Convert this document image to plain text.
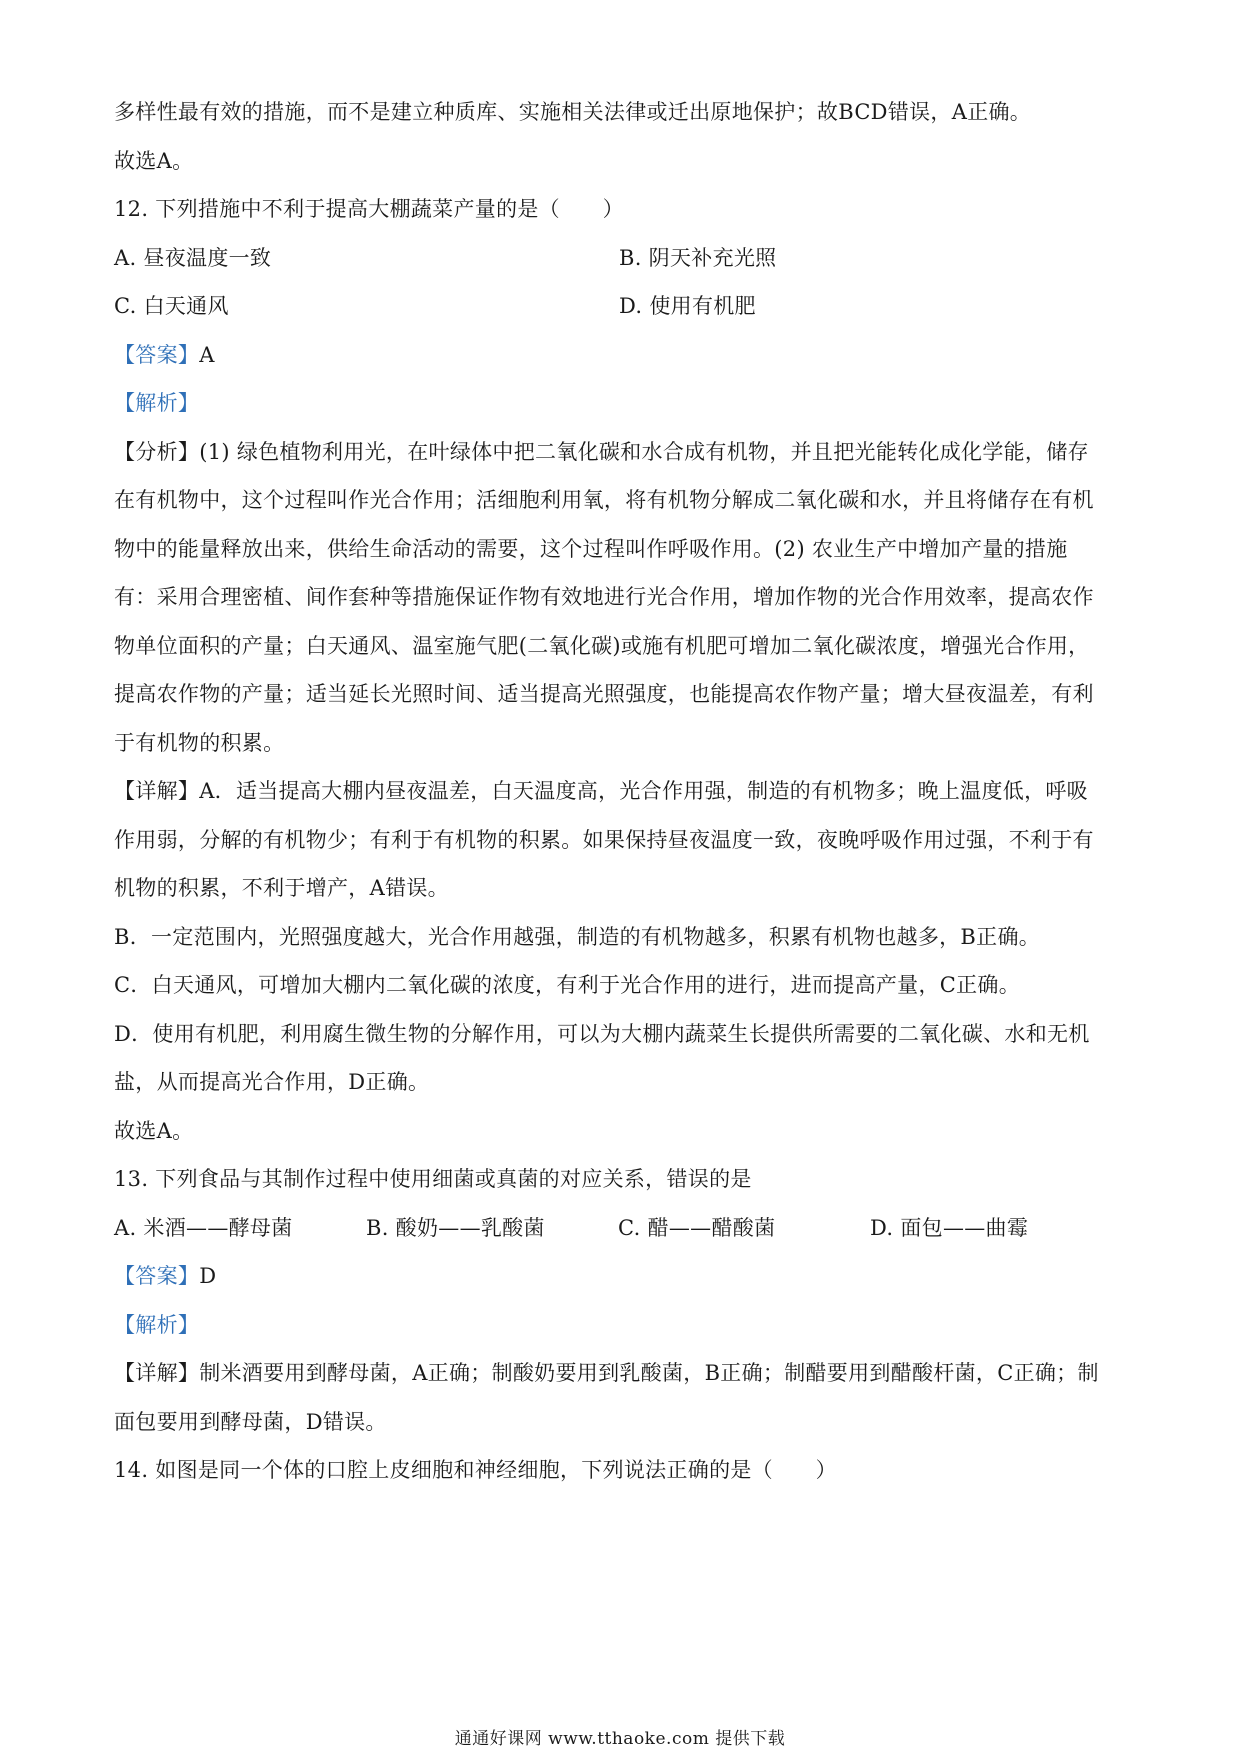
多样性最有效的措施，而不是建立种质库、实施相关法律或迁出原地保护；故BCD错误，A正确。
故选A。
12. 下列措施中不利于提高大棚蔬菜产量的是（　　）
A. 昼夜温度一致	B. 阴天补充光照
C. 白天通风	D. 使用有机肥
【答案】A
【解析】
【分析】(1) 绿色植物利用光，在叶绿体中把二氧化碳和水合成有机物，并且把光能转化成化学能，储存
在有机物中，这个过程叫作光合作用；活细胞利用氧，将有机物分解成二氧化碳和水，并且将储存在有机
物中的能量释放出来，供给生命活动的需要，这个过程叫作呼吸作用。(2) 农业生产中增加产量的措施
有：采用合理密植、间作套种等措施保证作物有效地进行光合作用，增加作物的光合作用效率，提高农作
物单位面积的产量；白天通风、温室施气肥(二氧化碳)或施有机肥可增加二氧化碳浓度，增强光合作用，
提高农作物的产量；适当延长光照时间、适当提高光照强度，也能提高农作物产量；增大昼夜温差，有利
于有机物的积累。
【详解】A．适当提高大棚内昼夜温差，白天温度高，光合作用强，制造的有机物多；晚上温度低，呼吸
作用弱，分解的有机物少；有利于有机物的积累。如果保持昼夜温度一致，夜晚呼吸作用过强，不利于有
机物的积累，不利于增产，A错误。
B．一定范围内，光照强度越大，光合作用越强，制造的有机物越多，积累有机物也越多，B正确。
C．白天通风，可增加大棚内二氧化碳的浓度，有利于光合作用的进行，进而提高产量，C正确。
D．使用有机肥，利用腐生微生物的分解作用，可以为大棚内蔬菜生长提供所需要的二氧化碳、水和无机
盐，从而提高光合作用，D正确。
故选A。
13. 下列食品与其制作过程中使用细菌或真菌的对应关系，错误的是
A. 米酒——酵母菌	B. 酸奶——乳酸菌	C. 醋——醋酸菌	D. 面包——曲霉
【答案】D
【解析】
【详解】制米酒要用到酵母菌，A正确；制酸奶要用到乳酸菌，B正确；制醋要用到醋酸杆菌，C正确；制
面包要用到酵母菌，D错误。
14. 如图是同一个体的口腔上皮细胞和神经细胞，下列说法正确的是（　　）
通通好课网 www.tthaoke.com 提供下载
